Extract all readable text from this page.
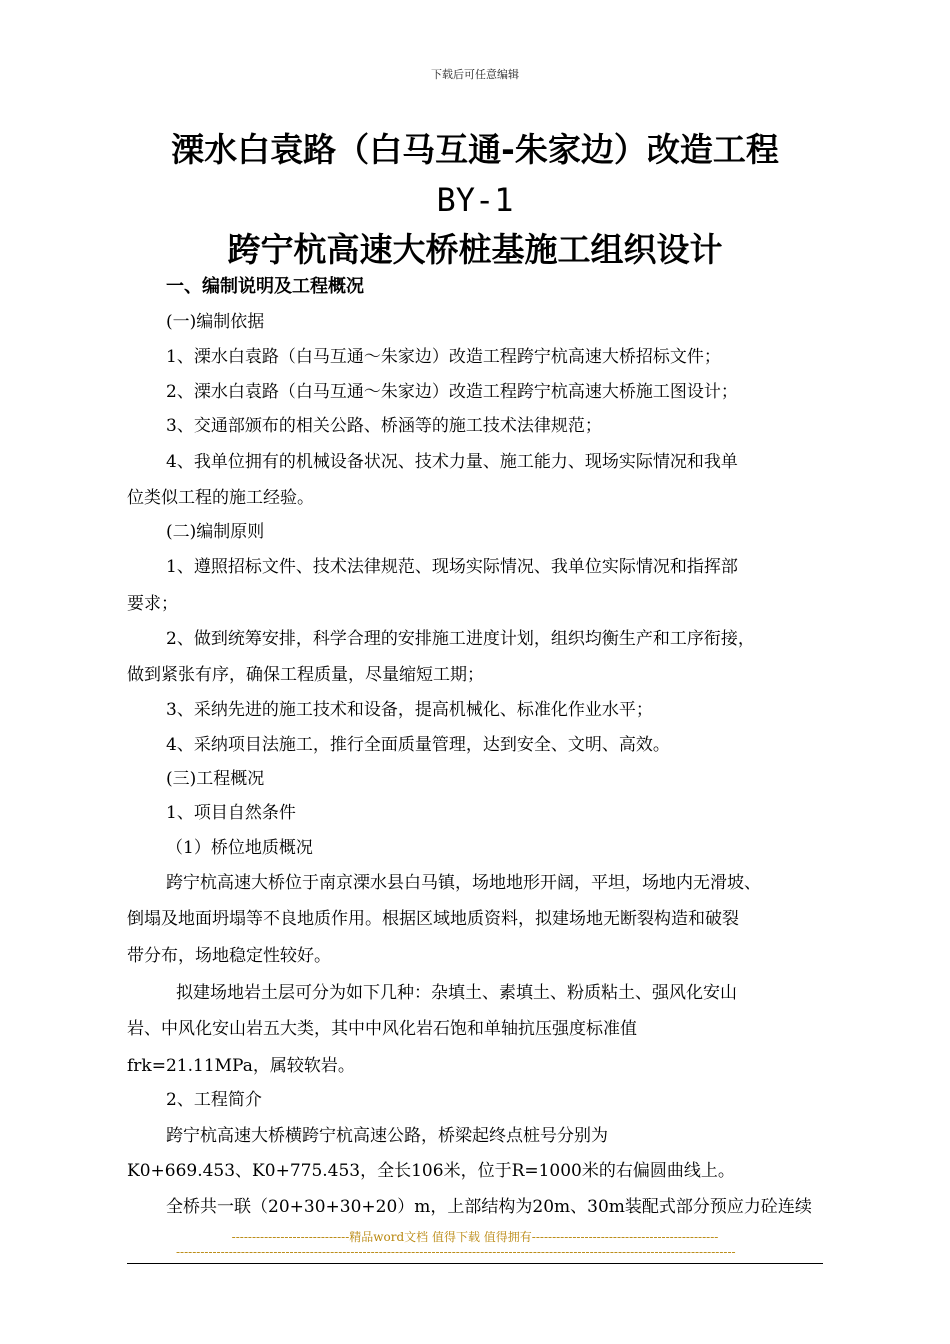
下载后可任意编辑
溧水白袁路（白马互通-朱家边）改造工程
BY-1
跨宁杭高速大桥桩基施工组织设计
一、编制说明及工程概况
(一)编制依据
1、溧水白袁路（白马互通～朱家边）改造工程跨宁杭高速大桥招标文件；
2、溧水白袁路（白马互通～朱家边）改造工程跨宁杭高速大桥施工图设计；
3、交通部颁布的相关公路、桥涵等的施工技术法律规范；
4、我单位拥有的机械设备状况、技术力量、施工能力、现场实际情况和我单
位类似工程的施工经验。
(二)编制原则
1、遵照招标文件、技术法律规范、现场实际情况、我单位实际情况和指挥部
要求；
2、做到统筹安排，科学合理的安排施工进度计划，组织均衡生产和工序衔接，
做到紧张有序，确保工程质量，尽量缩短工期；
3、采纳先进的施工技术和设备，提高机械化、标准化作业水平；
4、采纳项目法施工，推行全面质量管理，达到安全、文明、高效。
(三)工程概况
1、项目自然条件
（1）桥位地质概况
跨宁杭高速大桥位于南京溧水县白马镇，场地地形开阔，平坦，场地内无滑坡、
倒塌及地面坍塌等不良地质作用。根据区域地质资料，拟建场地无断裂构造和破裂
带分布，场地稳定性较好。
拟建场地岩土层可分为如下几种：杂填土、素填土、粉质粘土、强风化安山
岩、中风化安山岩五大类，其中中风化岩石饱和单轴抗压强度标准值
frk=21.11MPa，属较软岩。
2、工程简介
跨宁杭高速大桥横跨宁杭高速公路，桥梁起终点桩号分别为
K0+669.453、K0+775.453，全长106米，位于R=1000米的右偏圆曲线上。
全桥共一联（20+30+30+20）m，上部结构为20m、30m装配式部分预应力砼连续
-----------------------------精品word文档 值得下载 值得拥有----------------------------------------------
------------------------------------------------------------------------------------------------------------------------------------------
